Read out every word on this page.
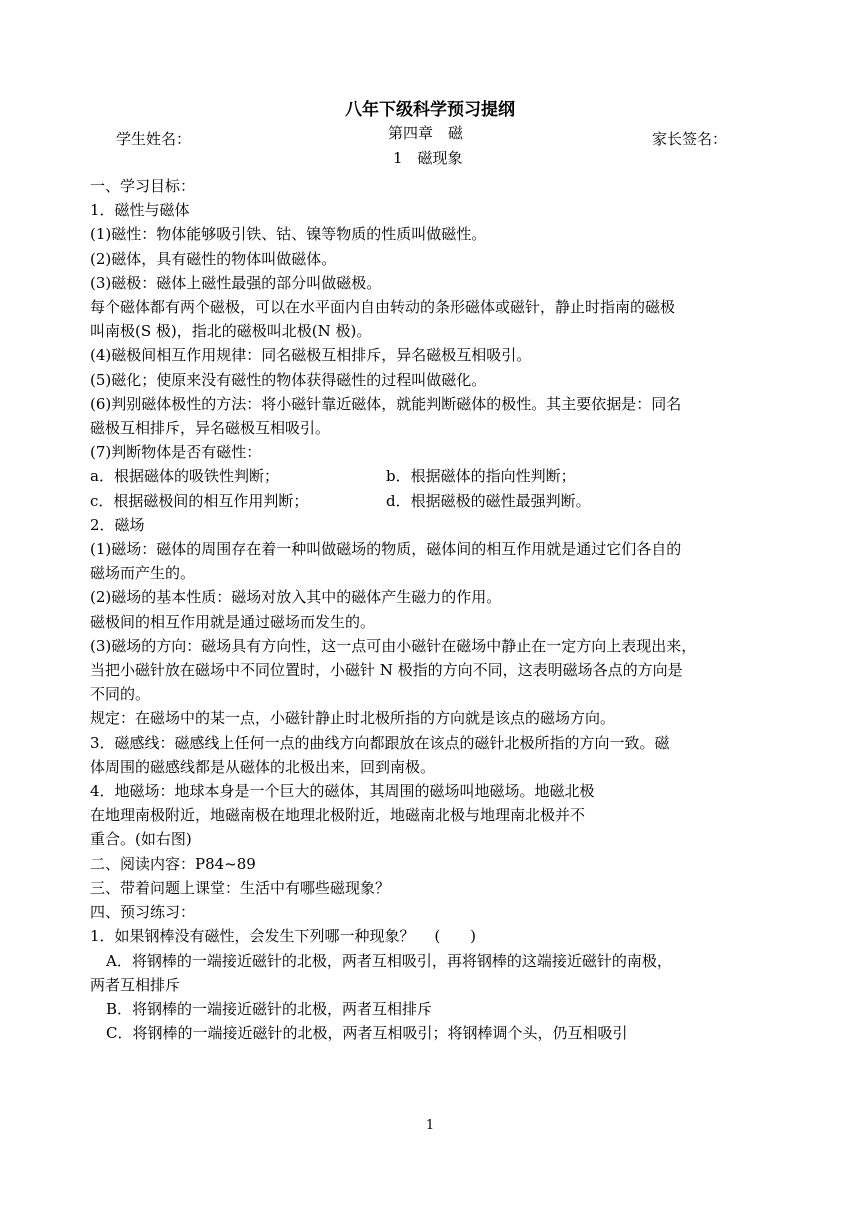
八年下级科学预习提纲
学生姓名：	第四章　磁	家长签名：
1　磁现象

一、学习目标：

1．磁性与磁体

(1)磁性：物体能够吸引铁、钴、镍等物质的性质叫做磁性。

(2)磁体，具有磁性的物体叫做磁体。

(3)磁极：磁体上磁性最强的部分叫做磁极。

每个磁体都有两个磁极，可以在水平面内自由转动的条形磁体或磁针，静止时指南的磁极

叫南极(S 极)，指北的磁极叫北极(N 极)。

(4)磁极间相互作用规律：同名磁极互相排斥，异名磁极互相吸引。

(5)磁化；使原来没有磁性的物体获得磁性的过程叫做磁化。

(6)判别磁体极性的方法：将小磁针靠近磁体，就能判断磁体的极性。其主要依据是：同名

磁极互相排斥，异名磁极互相吸引。

(7)判断物体是否有磁性：

a．根据磁体的吸铁性判断；	b．根据磁体的指向性判断；
c．根据磁极间的相互作用判断；	d．根据磁极的磁性最强判断。

2．磁场

(1)磁场：磁体的周围存在着一种叫做磁场的物质，磁体间的相互作用就是通过它们各自的

磁场而产生的。

(2)磁场的基本性质：磁场对放入其中的磁体产生磁力的作用。

磁极间的相互作用就是通过磁场而发生的。

(3)磁场的方向：磁场具有方向性，这一点可由小磁针在磁场中静止在一定方向上表现出来，

当把小磁针放在磁场中不同位置时，小磁针 N 极指的方向不同，这表明磁场各点的方向是

不同的。

规定：在磁场中的某一点，小磁针静止时北极所指的方向就是该点的磁场方向。

3．磁感线：磁感线上任何一点的曲线方向都跟放在该点的磁针北极所指的方向一致。磁

体周围的磁感线都是从磁体的北极出来，回到南极。

4．地磁场：地球本身是一个巨大的磁体，其周围的磁场叫地磁场。地磁北极

在地理南极附近，地磁南极在地理北极附近，地磁南北极与地理南北极并不

重合。(如右图)

二、阅读内容：P84~89

三、带着问题上课堂：生活中有哪些磁现象？

四、预习练习：

1．如果钢棒没有磁性，会发生下列哪一种现象？　 (　　)

A．将钢棒的一端接近磁针的北极，两者互相吸引，再将钢棒的这端接近磁针的南极，

两者互相排斥

B．将钢棒的一端接近磁针的北极，两者互相排斥

C．将钢棒的一端接近磁针的北极，两者互相吸引；将钢棒调个头，仍互相吸引

1
